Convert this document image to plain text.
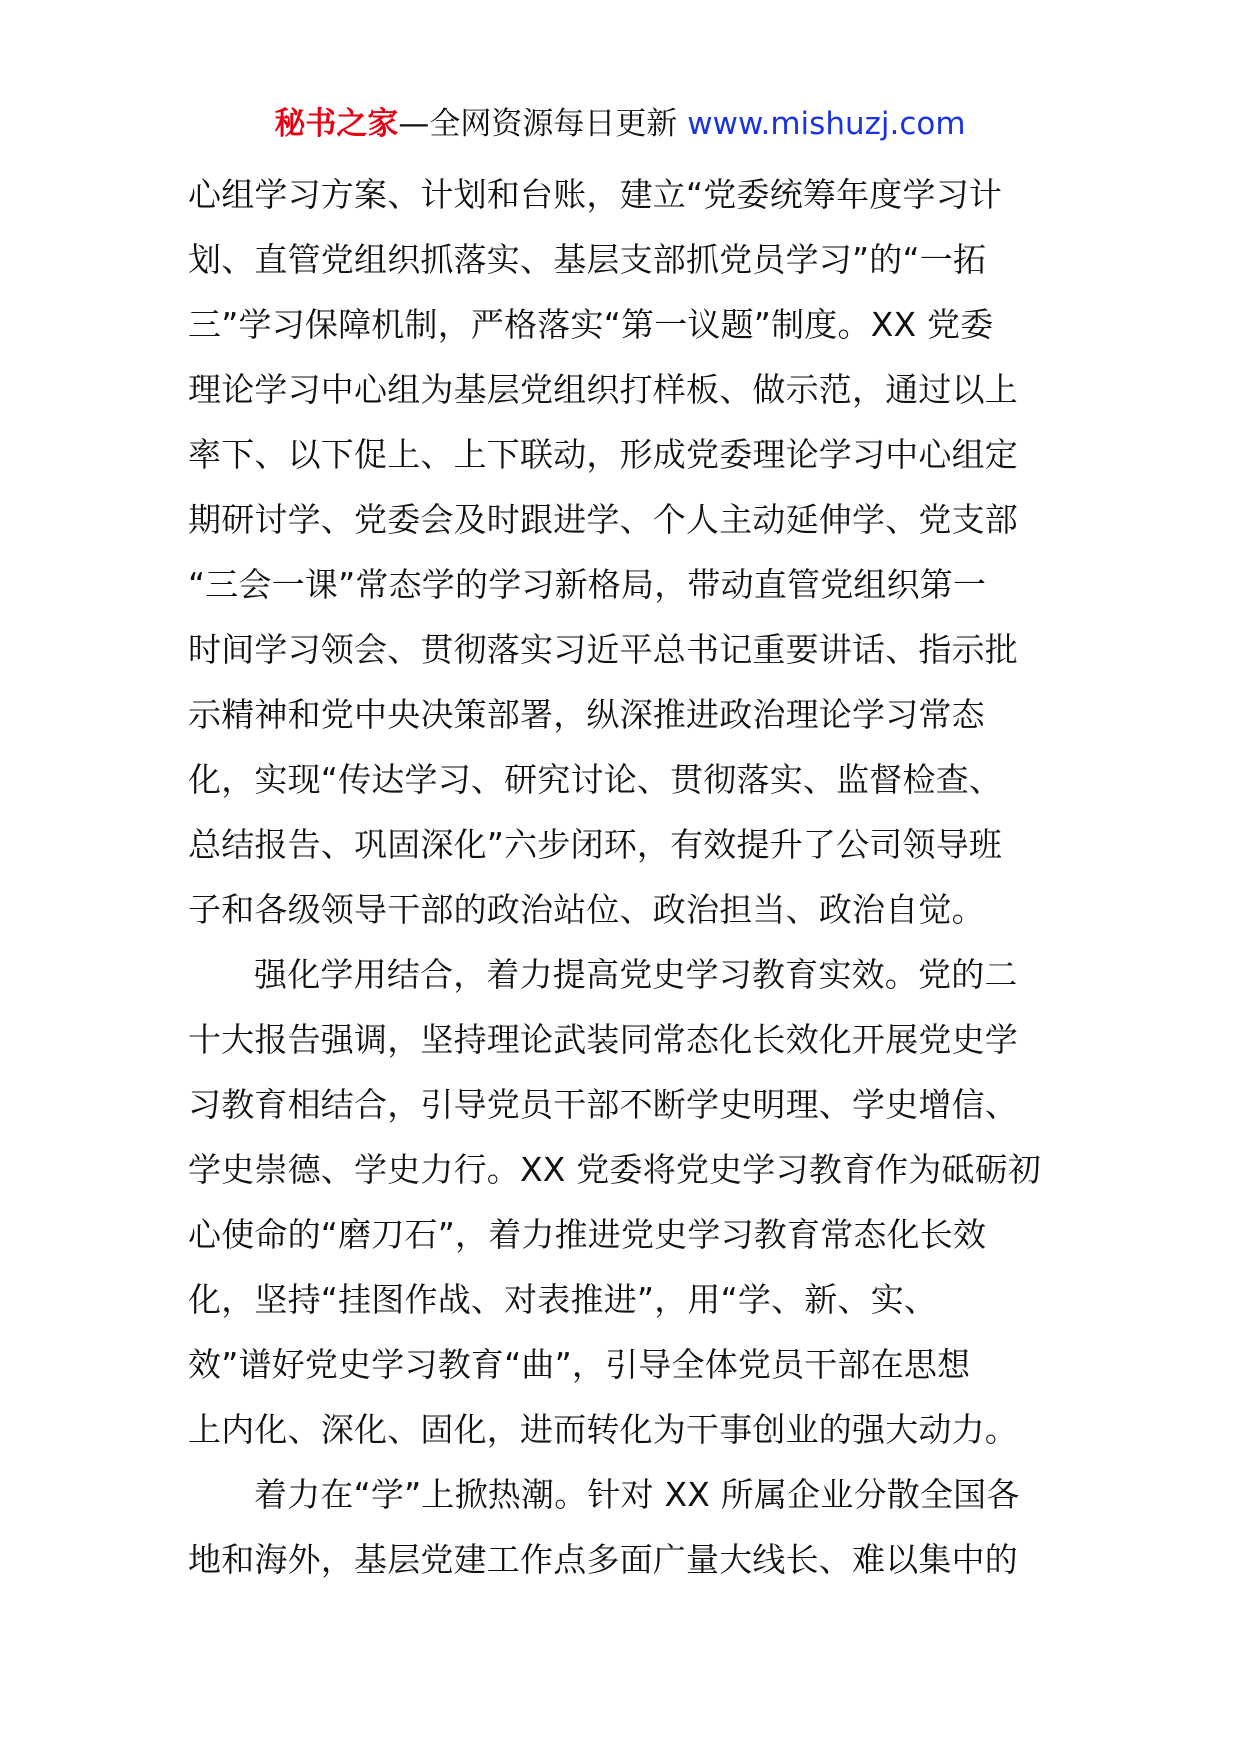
秘书之家—全网资源每日更新 www.mishuzj.com
心组学习方案、计划和台账，建立“党委统筹年度学习计
划、直管党组织抓落实、基层支部抓党员学习”的“一拓
三”学习保障机制，严格落实“第一议题”制度。XX 党委
理论学习中心组为基层党组织打样板、做示范，通过以上
率下、以下促上、上下联动，形成党委理论学习中心组定
期研讨学、党委会及时跟进学、个人主动延伸学、党支部
“三会一课”常态学的学习新格局，带动直管党组织第一
时间学习领会、贯彻落实习近平总书记重要讲话、指示批
示精神和党中央决策部署，纵深推进政治理论学习常态
化，实现“传达学习、研究讨论、贯彻落实、监督检查、
总结报告、巩固深化”六步闭环，有效提升了公司领导班
子和各级领导干部的政治站位、政治担当、政治自觉。
强化学用结合，着力提高党史学习教育实效。党的二
十大报告强调，坚持理论武装同常态化长效化开展党史学
习教育相结合，引导党员干部不断学史明理、学史增信、
学史崇德、学史力行。XX 党委将党史学习教育作为砥砺初
心使命的“磨刀石”，着力推进党史学习教育常态化长效
化，坚持“挂图作战、对表推进”，用“学、新、实、
效”谱好党史学习教育“曲”，引导全体党员干部在思想
上内化、深化、固化，进而转化为干事创业的强大动力。
着力在“学”上掀热潮。针对 XX 所属企业分散全国各
地和海外，基层党建工作点多面广量大线长、难以集中的
